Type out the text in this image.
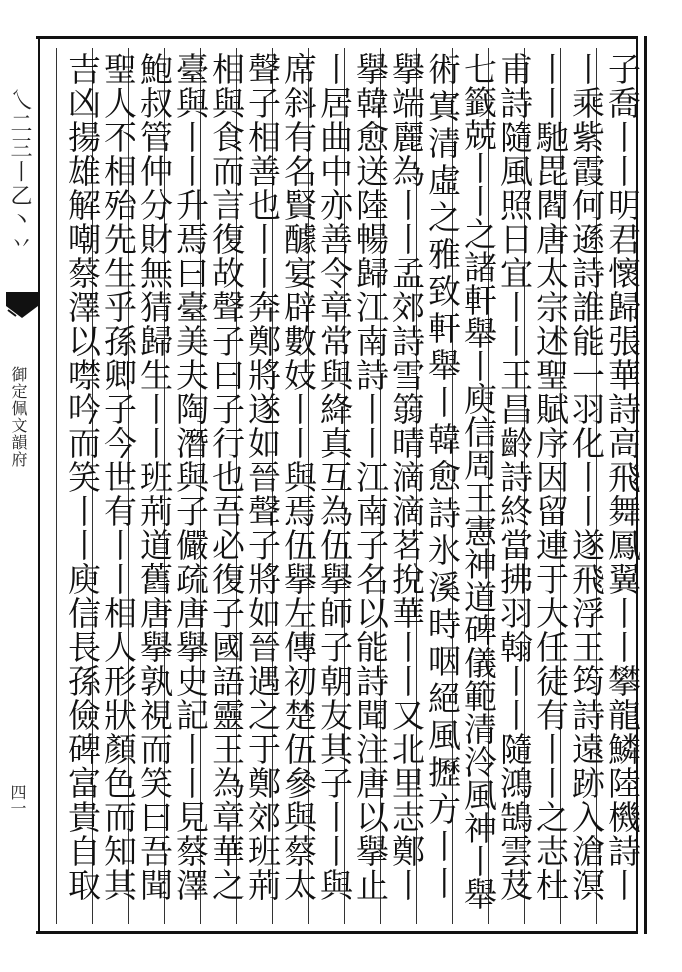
乀二三丨乙丶丷
御定佩文韻府
四一	子喬丨丨明君懷歸張華詩高飛舞鳳翼丨丨攀龍鱗陸機詩丨
丨乘紫霞何遜詩誰能一羽化丨丨遂飛浮王筠詩遠跡入滄溟
丨丨馳毘閻唐太宗述聖賦序因留連于大任徒有丨丨之志杜
甫詩隨風照日宜丨丨王昌齡詩終當拂羽翰丨丨隨鴻鵠雲芨
七籤兢丨丨之諸軒舉丨庾信周王憲神道碑儀範清泠風神丨舉
術寘清虛之雅致軒舉丨韓愈詩氷溪時咽絕風攊方丨丨
擧端麗為丨丨孟郊詩雪篛晴滴滴茗挩華丨丨又北里志鄭丨
擧韓愈送陸暢歸江南詩丨丨江南子名以能詩聞注唐以擧止
丨居曲中亦善令章常與絳真互為伍擧師子朝友其子丨丨與
席斜有名賢醵宴辟數妓丨丨與焉伍擧左傳初楚伍參與蔡太
聲子相善也丨丨奔鄭將遂如晉聲子將如晉遇之于鄭郊班荊
相與食而言復故聲子曰子行也吾必復子國語靈王為章華之
臺與丨丨升焉曰臺美夫陶潛與子儼疏唐擧史記丨丨見蔡澤
鮑叔管仲分財無猜歸生丨丨班荊道舊唐擧孰視而笑曰吾聞
聖人不相殆先生乎孫卿子今世有丨丨相人形狀顏色而知其
吉凶揚雄解嘲蔡澤以噤吟而笑丨丨庾信長孫儉碑富貴自取
